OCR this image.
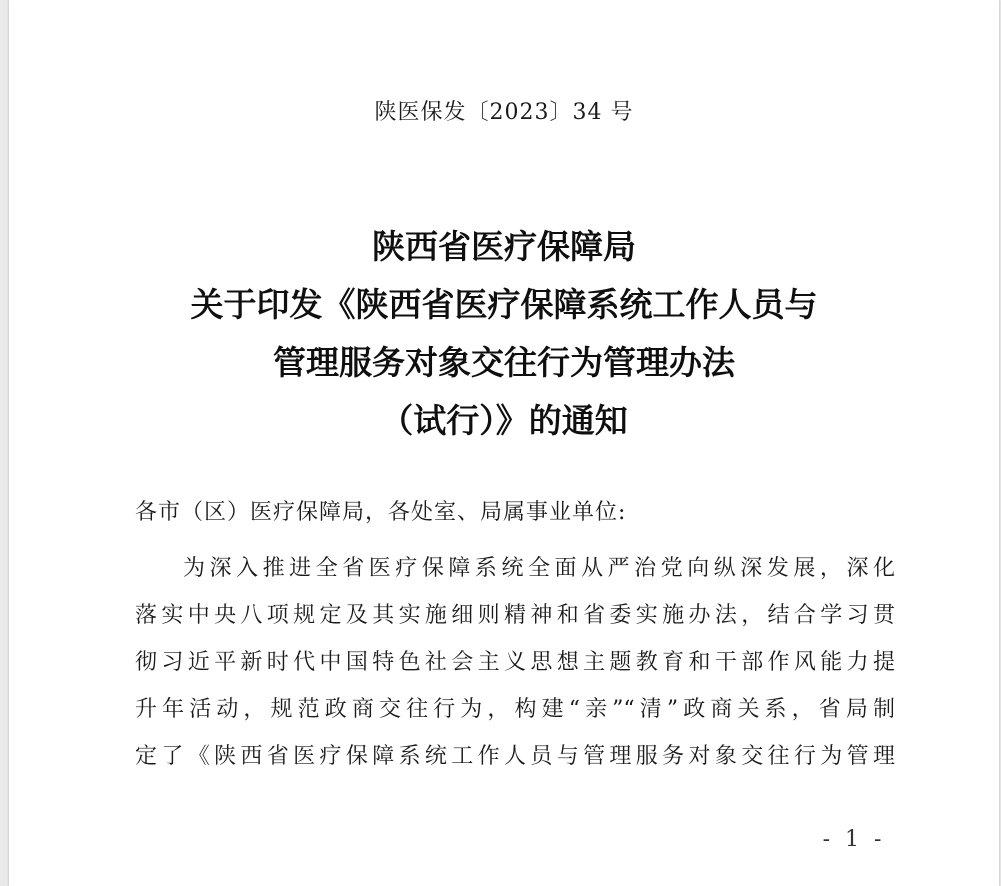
陕医保发〔2023〕34 号
陕西省医疗保障局
关于印发《陕西省医疗保障系统工作人员与
管理服务对象交往行为管理办法
（试行）》的通知
各市（区）医疗保障局，各处室、局属事业单位:
为深入推进全省医疗保障系统全面从严治党向纵深发展，深化
落实中央八项规定及其实施细则精神和省委实施办法，结合学习贯
彻习近平新时代中国特色社会主义思想主题教育和干部作风能力提
升年活动，规范政商交往行为，构建“亲”“清”政商关系，省局制
定了《陕西省医疗保障系统工作人员与管理服务对象交往行为管理
- 1 -
